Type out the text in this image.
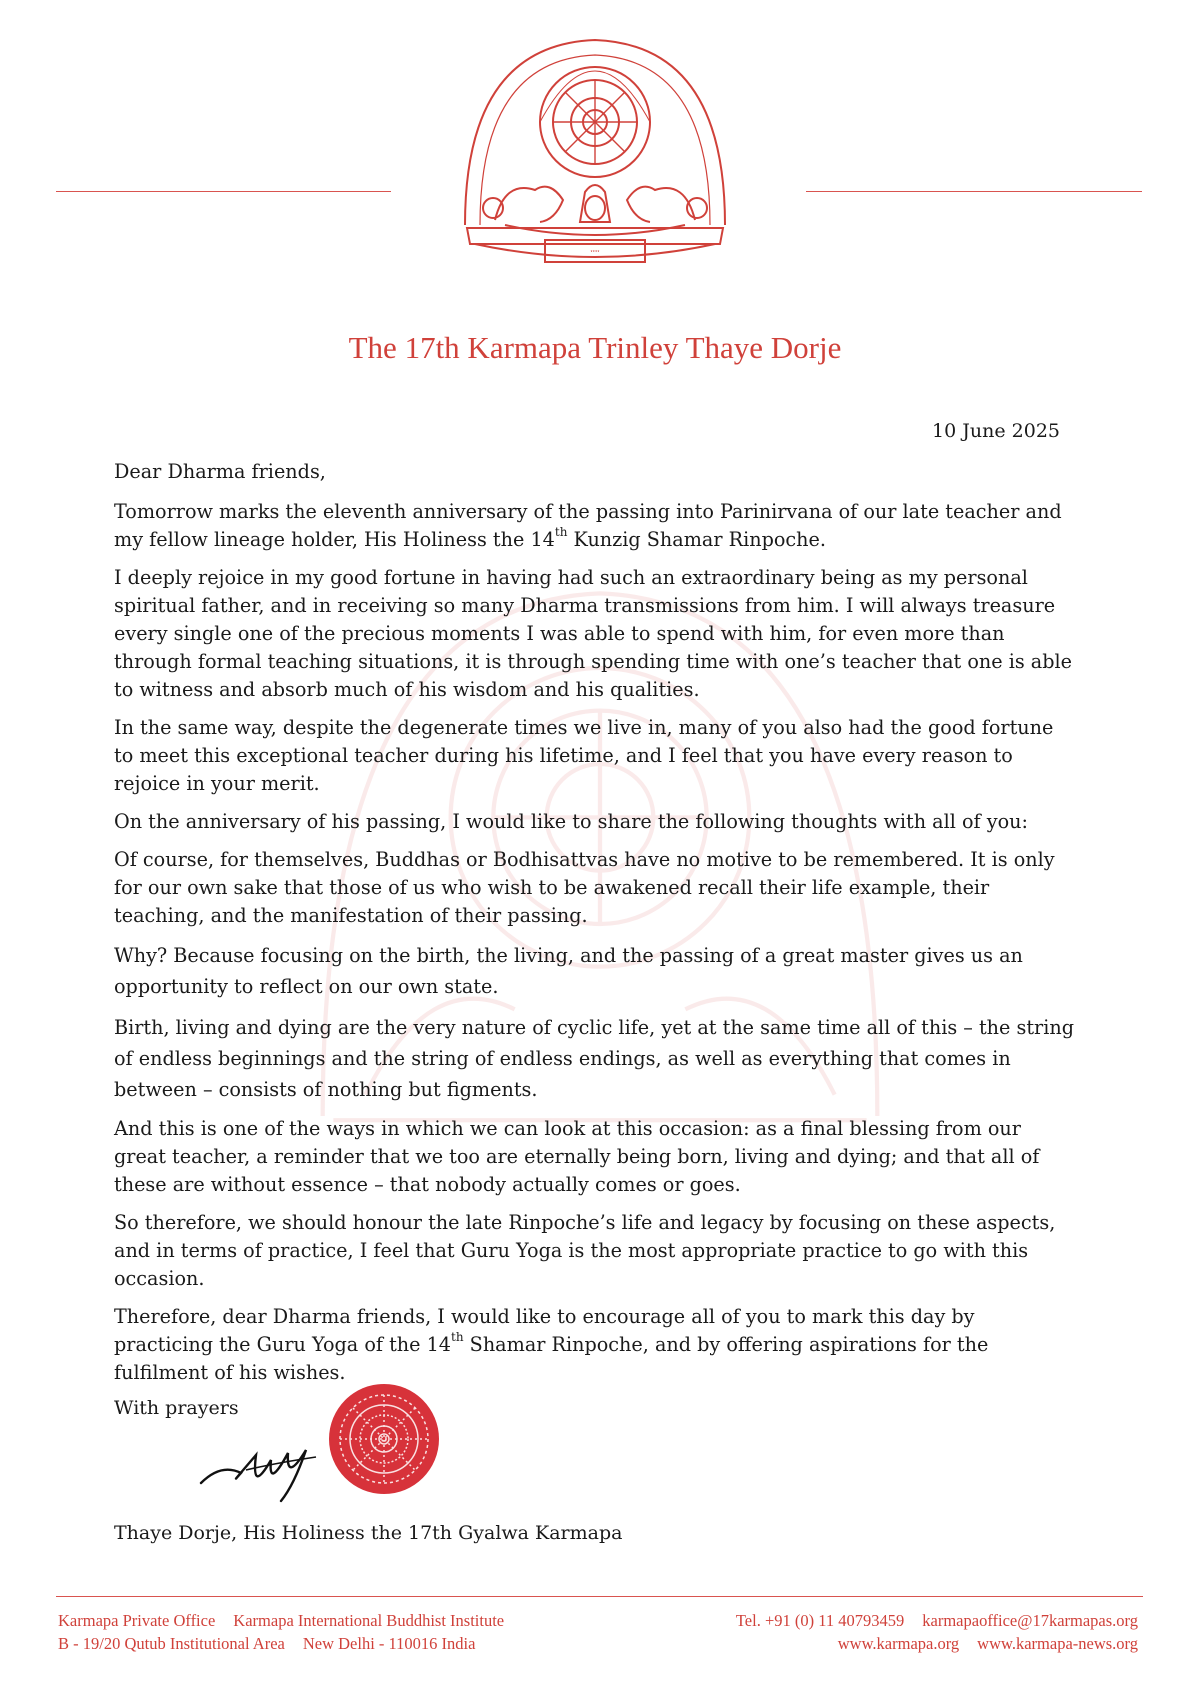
་་་་
The 17th Karmapa Trinley Thaye Dorje
10 June 2025

Dear Dharma friends,

Tomorrow marks the eleventh anniversary of the passing into Parinirvana of our late teacher and my fellow lineage holder, His Holiness the 14th Kunzig Shamar Rinpoche.

I deeply rejoice in my good fortune in having had such an extraordinary being as my personal spiritual father, and in receiving so many Dharma transmissions from him. I will always treasure every single one of the precious moments I was able to spend with him, for even more than through formal teaching situations, it is through spending time with one’s teacher that one is able to witness and absorb much of his wisdom and his qualities.

In the same way, despite the degenerate times we live in, many of you also had the good fortune to meet this exceptional teacher during his lifetime, and I feel that you have every reason to rejoice in your merit.

On the anniversary of his passing, I would like to share the following thoughts with all of you:

Of course, for themselves, Buddhas or Bodhisattvas have no motive to be remembered. It is only for our own sake that those of us who wish to be awakened recall their life example, their teaching, and the manifestation of their passing.

Why? Because focusing on the birth, the living, and the passing of a great master gives us an opportunity to reflect on our own state.

Birth, living and dying are the very nature of cyclic life, yet at the same time all of this – the string of endless beginnings and the string of endless endings, as well as everything that comes in between – consists of nothing but figments.

And this is one of the ways in which we can look at this occasion: as a final blessing from our great teacher, a reminder that we too are eternally being born, living and dying; and that all of these are without essence – that nobody actually comes or goes.

So therefore, we should honour the late Rinpoche’s life and legacy by focusing on these aspects, and in terms of practice, I feel that Guru Yoga is the most appropriate practice to go with this occasion.

Therefore, dear Dharma friends, I would like to encourage all of you to mark this day by practicing the Guru Yoga of the 14th Shamar Rinpoche, and by offering aspirations for the fulfilment of his wishes.

With prayers
Thaye Dorje, His Holiness the 17th Gyalwa Karmapa
Karmapa Private Office Karmapa International Buddhist Institute
B - 19/20 Qutub Institutional Area New Delhi - 110016 India
Tel. +91 (0) 11 40793459 karmapaoffice@17karmapas.org
www.karmapa.org www.karmapa-news.org
